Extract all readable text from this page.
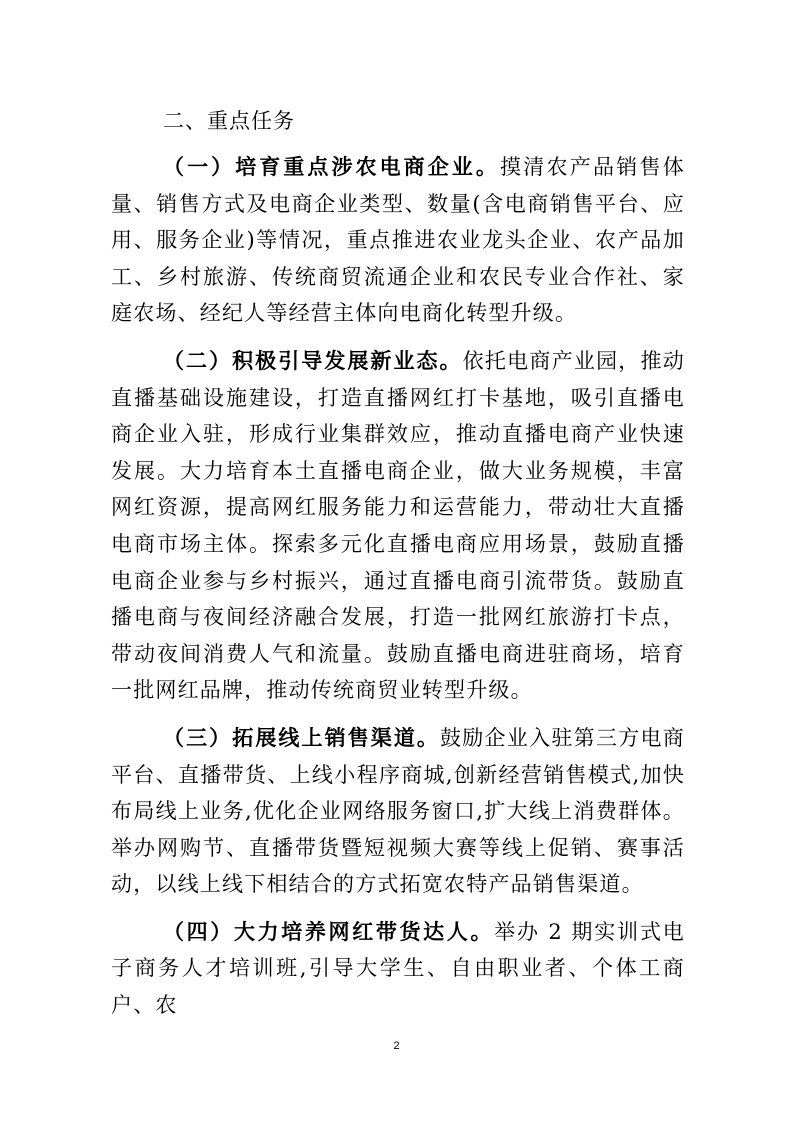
二、重点任务

（一）培育重点涉农电商企业。摸清农产品销售体量、销售方式及电商企业类型、数量(含电商销售平台、应用、服务企业)等情况，重点推进农业龙头企业、农产品加工、乡村旅游、传统商贸流通企业和农民专业合作社、家庭农场、经纪人等经营主体向电商化转型升级。

（二）积极引导发展新业态。依托电商产业园，推动直播基础设施建设，打造直播网红打卡基地，吸引直播电商企业入驻，形成行业集群效应，推动直播电商产业快速发展。大力培育本土直播电商企业，做大业务规模，丰富网红资源，提高网红服务能力和运营能力，带动壮大直播电商市场主体。探索多元化直播电商应用场景，鼓励直播电商企业参与乡村振兴，通过直播电商引流带货。鼓励直播电商与夜间经济融合发展，打造一批网红旅游打卡点，带动夜间消费人气和流量。鼓励直播电商进驻商场，培育一批网红品牌，推动传统商贸业转型升级。

（三）拓展线上销售渠道。鼓励企业入驻第三方电商平台、直播带货、上线小程序商城,创新经营销售模式,加快布局线上业务,优化企业网络服务窗口,扩大线上消费群体。举办网购节、直播带货暨短视频大赛等线上促销、赛事活动，以线上线下相结合的方式拓宽农特产品销售渠道。

（四）大力培养网红带货达人。举办 2 期实训式电子商务人才培训班,引导大学生、自由职业者、个体工商户、农

2
